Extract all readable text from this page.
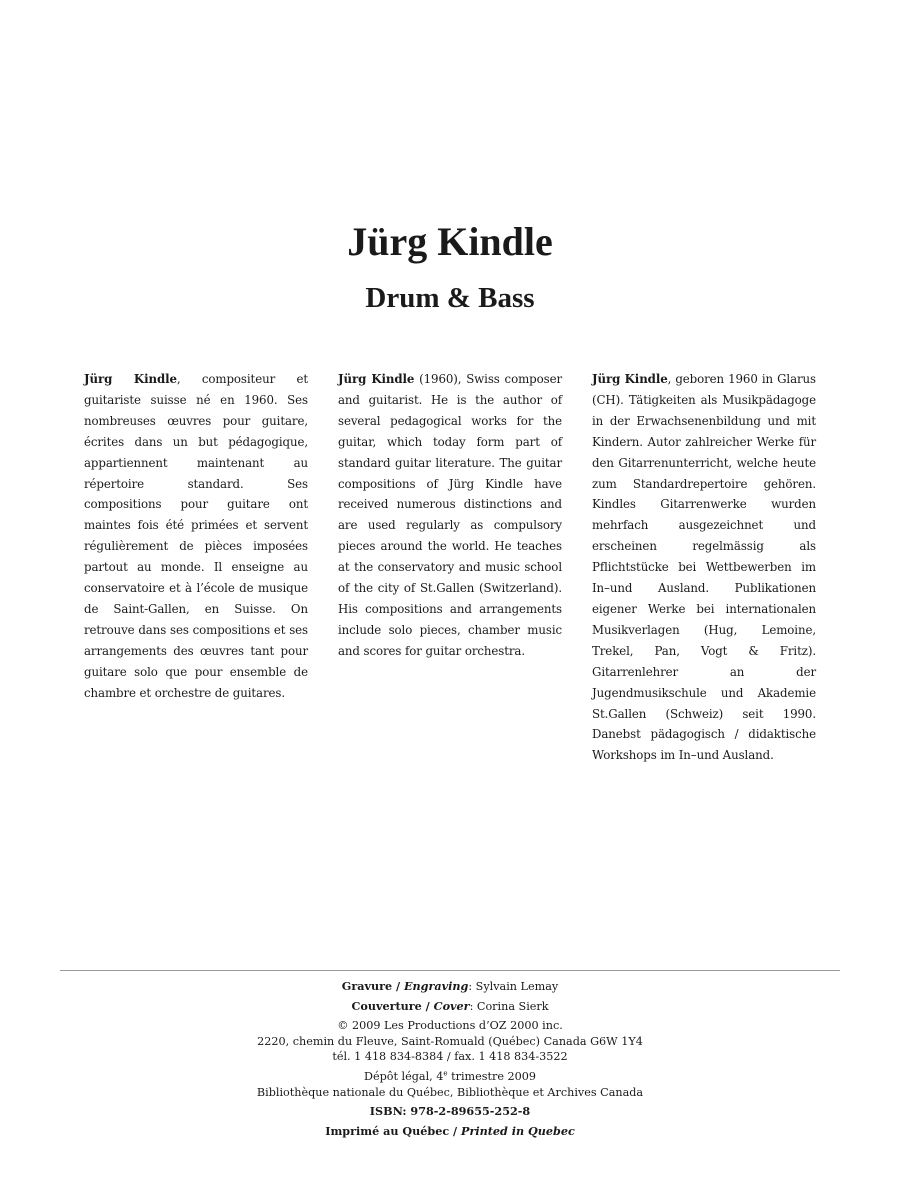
Jürg Kindle
Drum & Bass
Jürg Kindle, compositeur et guitariste suisse né en 1960. Ses nombreuses œuvres pour guitare, écrites dans un but pédagogique, appartiennent maintenant au répertoire standard. Ses compositions pour guitare ont maintes fois été primées et servent régulièrement de pièces imposées partout au monde. Il enseigne au conservatoire et à l’école de musique de Saint-Gallen, en Suisse. On retrouve dans ses compositions et ses arrangements des œuvres tant pour guitare solo que pour ensemble de chambre et orchestre de guitares.
Jürg Kindle (1960), Swiss composer and guitarist. He is the author of several pedagogical works for the guitar, which today form part of standard guitar literature. The guitar compositions of Jürg Kindle have received numerous distinctions and are used regularly as compulsory pieces around the world. He teaches at the conservatory and music school of the city of St.Gallen (Switzerland). His compositions and arrangements include solo pieces, chamber music and scores for guitar orchestra.
Jürg Kindle, geboren 1960 in Glarus (CH). Tätigkeiten als Musikpädagoge in der Erwachsenenbildung und mit Kindern. Autor zahlreicher Werke für den Gitarrenunterricht, welche heute zum Standardrepertoire gehören. Kindles Gitarrenwerke wurden mehrfach ausgezeichnet und erscheinen regelmässig als Pflichtstücke bei Wettbewerben im In–und Ausland. Publikationen eigener Werke bei internationalen Musikverlagen (Hug, Lemoine, Trekel, Pan, Vogt & Fritz). Gitarrenlehrer an der Jugendmusikschule und Akademie St.Gallen (Schweiz) seit 1990. Danebst pädagogisch / didaktische Workshops im In–und Ausland.
Gravure / Engraving: Sylvain Lemay
Couverture / Cover: Corina Sierk
© 2009 Les Productions d’OZ 2000 inc.
2220, chemin du Fleuve, Saint-Romuald (Québec) Canada G6W 1Y4
tél. 1 418 834-8384 / fax. 1 418 834-3522
Dépôt légal, 4e trimestre 2009
Bibliothèque nationale du Québec, Bibliothèque et Archives Canada
ISBN: 978-2-89655-252-8
Imprimé au Québec / Printed in Quebec
